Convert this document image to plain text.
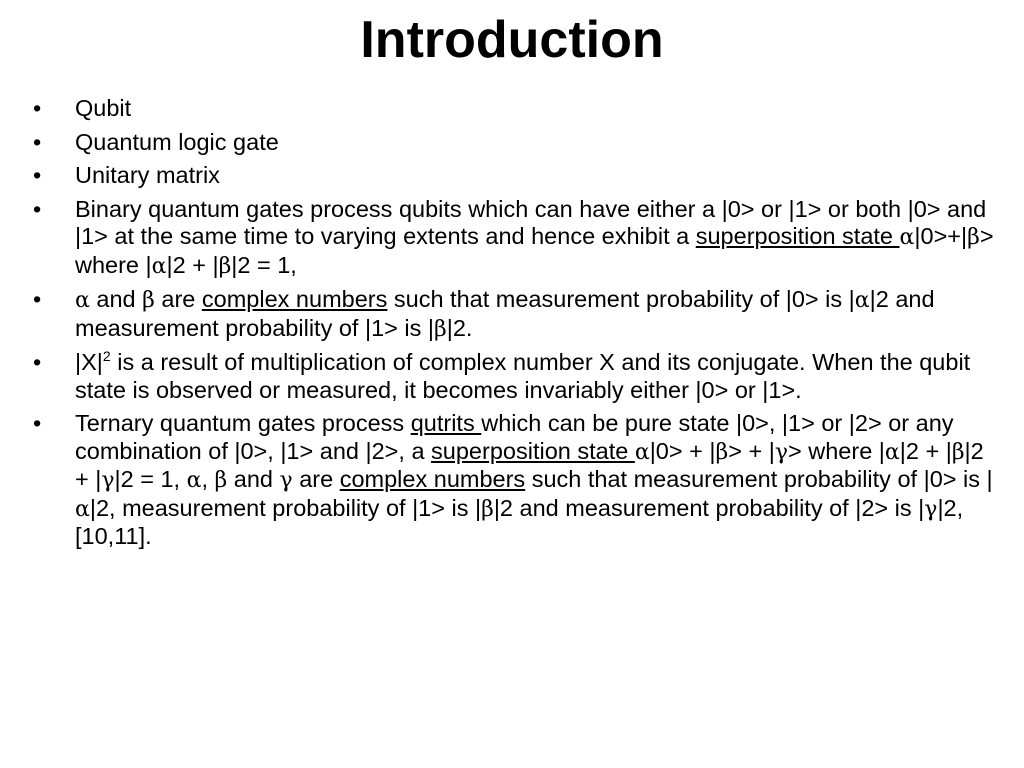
Introduction
• Qubit
• Quantum logic gate
• Unitary matrix
• Binary quantum gates process qubits which can have either a |0> or |1> or both |0> and |1> at the same time to varying extents and hence exhibit a superposition state α|0>+|β> where |α|2 + |β|2 = 1,
• α and β are complex numbers such that measurement probability of |0> is |α|2 and measurement probability of |1> is |β|2.
• $|X|^2$ is a result of multiplication of complex number X and its conjugate. When the qubit state is observed or measured, it becomes invariably either |0> or |1>.
• Ternary quantum gates process qutrits which can be pure state |0>, |1> or |2> or any combination of |0>, |1> and |2>, a superposition state α|0> + |β> + |γ> where |α|2 + |β|2 + |γ|2 = 1, α, β and γ are complex numbers such that measurement probability of |0> is |α|2, measurement probability of |1> is |β|2 and measurement probability of |2> is |γ|2, [10,11].
